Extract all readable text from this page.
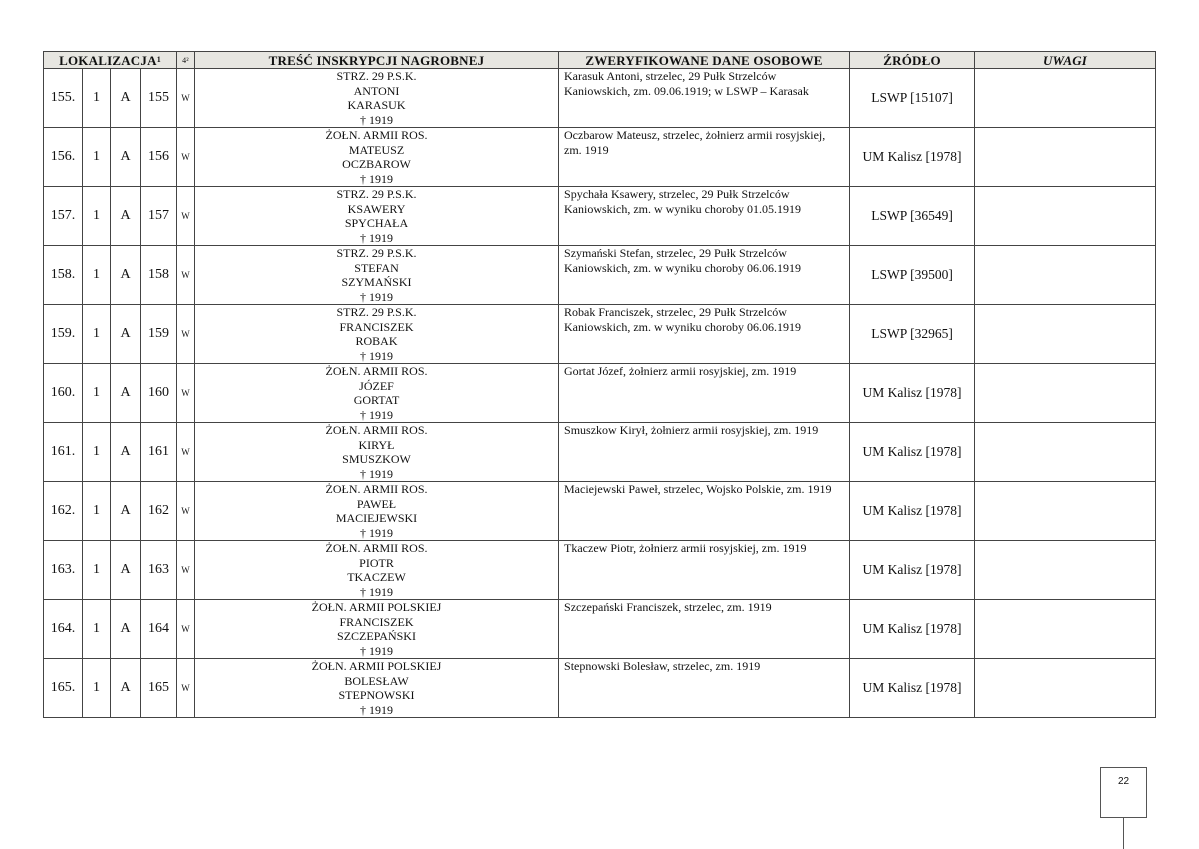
LOKALIZACJA$^1$				4²	TREŚĆ INSKRYPCJI NAGROBNEJ	ZWERYFIKOWANE DANE OSOBOWE	ŹRÓDŁO	UWAGI
155.	1	A	155	W	STRZ. 29 P.S.K.
ANTONI
KARASUK
† 1919	Karasuk Antoni, strzelec, 29 Pułk Strzelców Kaniowskich, zm. 09.06.1919; w LSWP – Karasak	LSWP [15107]	
156.	1	A	156	W	ŻOŁN. ARMII ROS.
MATEUSZ
OCZBAROW
† 1919	Oczbarow Mateusz, strzelec, żołnierz armii rosyjskiej, zm. 1919	UM Kalisz [1978]	
157.	1	A	157	W	STRZ. 29 P.S.K.
KSAWERY
SPYCHAŁA
† 1919	Spychała Ksawery, strzelec, 29 Pułk Strzelców Kaniowskich, zm. w wyniku choroby 01.05.1919	LSWP [36549]	
158.	1	A	158	W	STRZ. 29 P.S.K.
STEFAN
SZYMAŃSKI
† 1919	Szymański Stefan, strzelec, 29 Pułk Strzelców Kaniowskich, zm. w wyniku choroby 06.06.1919	LSWP [39500]	
159.	1	A	159	W	STRZ. 29 P.S.K.
FRANCISZEK
ROBAK
† 1919	Robak Franciszek, strzelec, 29 Pułk Strzelców Kaniowskich, zm. w wyniku choroby 06.06.1919	LSWP [32965]	
160.	1	A	160	W	ŻOŁN. ARMII ROS.
JÓZEF
GORTAT
† 1919	Gortat Józef, żołnierz armii rosyjskiej, zm. 1919	UM Kalisz [1978]	
161.	1	A	161	W	ŻOŁN. ARMII ROS.
KIRYŁ
SMUSZKOW
† 1919	Smuszkow Kirył, żołnierz armii rosyjskiej, zm. 1919	UM Kalisz [1978]	
162.	1	A	162	W	ŻOŁN. ARMII ROS.
PAWEŁ
MACIEJEWSKI
† 1919	Maciejewski Paweł, strzelec, Wojsko Polskie, zm. 1919	UM Kalisz [1978]	
163.	1	A	163	W	ŻOŁN. ARMII ROS.
PIOTR
TKACZEW
† 1919	Tkaczew Piotr, żołnierz armii rosyjskiej, zm. 1919	UM Kalisz [1978]	
164.	1	A	164	W	ŻOŁN. ARMII POLSKIEJ
FRANCISZEK
SZCZEPAŃSKI
† 1919	Szczepański Franciszek, strzelec, zm. 1919	UM Kalisz [1978]	
165.	1	A	165	W	ŻOŁN. ARMII POLSKIEJ
BOLESŁAW
STEPNOWSKI
† 1919	Stepnowski Bolesław, strzelec, zm. 1919	UM Kalisz [1978]	
22
